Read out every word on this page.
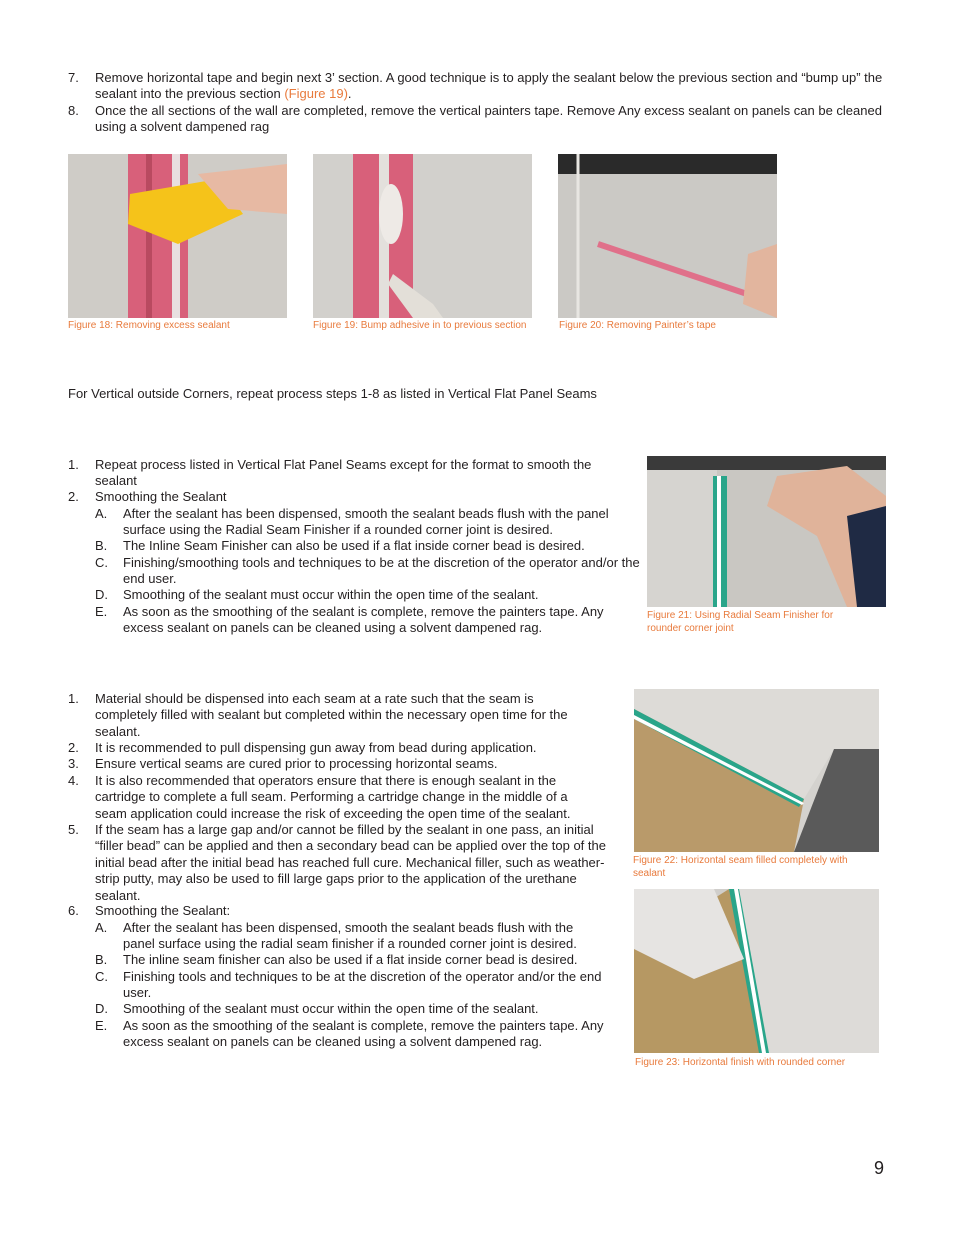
7. Remove horizontal tape and begin next 3’ section. A good technique is to apply the sealant below the previous section and “bump up” the sealant into the previous section (Figure 19).
8. Once the all sections of the wall are completed, remove the vertical painters tape. Remove Any excess sealant on panels can be cleaned using a solvent dampened rag
Figure 18: Removing excess sealant	Figure 19: Bump adhesive in to previous section	Figure 20: Removing Painter’s tape
For Vertical outside Corners, repeat process steps 1-8 as listed in Vertical Flat Panel Seams
1. Repeat process listed in Vertical Flat Panel Seams except for the format to smooth the sealant
2. Smoothing the Sealant
A. After the sealant has been dispensed, smooth the sealant beads flush with the panel surface using the Radial Seam Finisher if a rounded corner joint is desired.
B. The Inline Seam Finisher can also be used if a flat inside corner bead is desired.
C. Finishing/smoothing tools and techniques to be at the discretion of the operator and/or the end user.
D. Smoothing of the sealant must occur within the open time of the sealant.
E. As soon as the smoothing of the sealant is complete, remove the painters tape. Any excess sealant on panels can be cleaned using a solvent dampened rag.
Figure 21: Using Radial Seam Finisher for rounder corner joint
1. Material should be dispensed into each seam at a rate such that the seam is completely filled with sealant but completed within the necessary open time for the sealant.
2. It is recommended to pull dispensing gun away from bead during application.
3. Ensure vertical seams are cured prior to processing horizontal seams.
4. It is also recommended that operators ensure that there is enough sealant in the cartridge to complete a full seam. Performing a cartridge change in the middle of a seam application could increase the risk of exceeding the open time of the sealant.
5. If the seam has a large gap and/or cannot be filled by the sealant in one pass, an initial “filler bead” can be applied and then a secondary bead can be applied over the top of the initial bead after the initial bead has reached full cure. Mechanical filler, such as weather-strip putty, may also be used to fill large gaps prior to the application of the urethane sealant.
6. Smoothing the Sealant:
A. After the sealant has been dispensed, smooth the sealant beads flush with the panel surface using the radial seam finisher if a rounded corner joint is desired.
B. The inline seam finisher can also be used if a flat inside corner bead is desired.
C. Finishing tools and techniques to be at the discretion of the operator and/or the end user.
D. Smoothing of the sealant must occur within the open time of the sealant.
E. As soon as the smoothing of the sealant is complete, remove the painters tape. Any excess sealant on panels can be cleaned using a solvent dampened rag.
Figure 22: Horizontal seam filled completely with sealant
Figure 23: Horizontal finish with rounded corner
9
